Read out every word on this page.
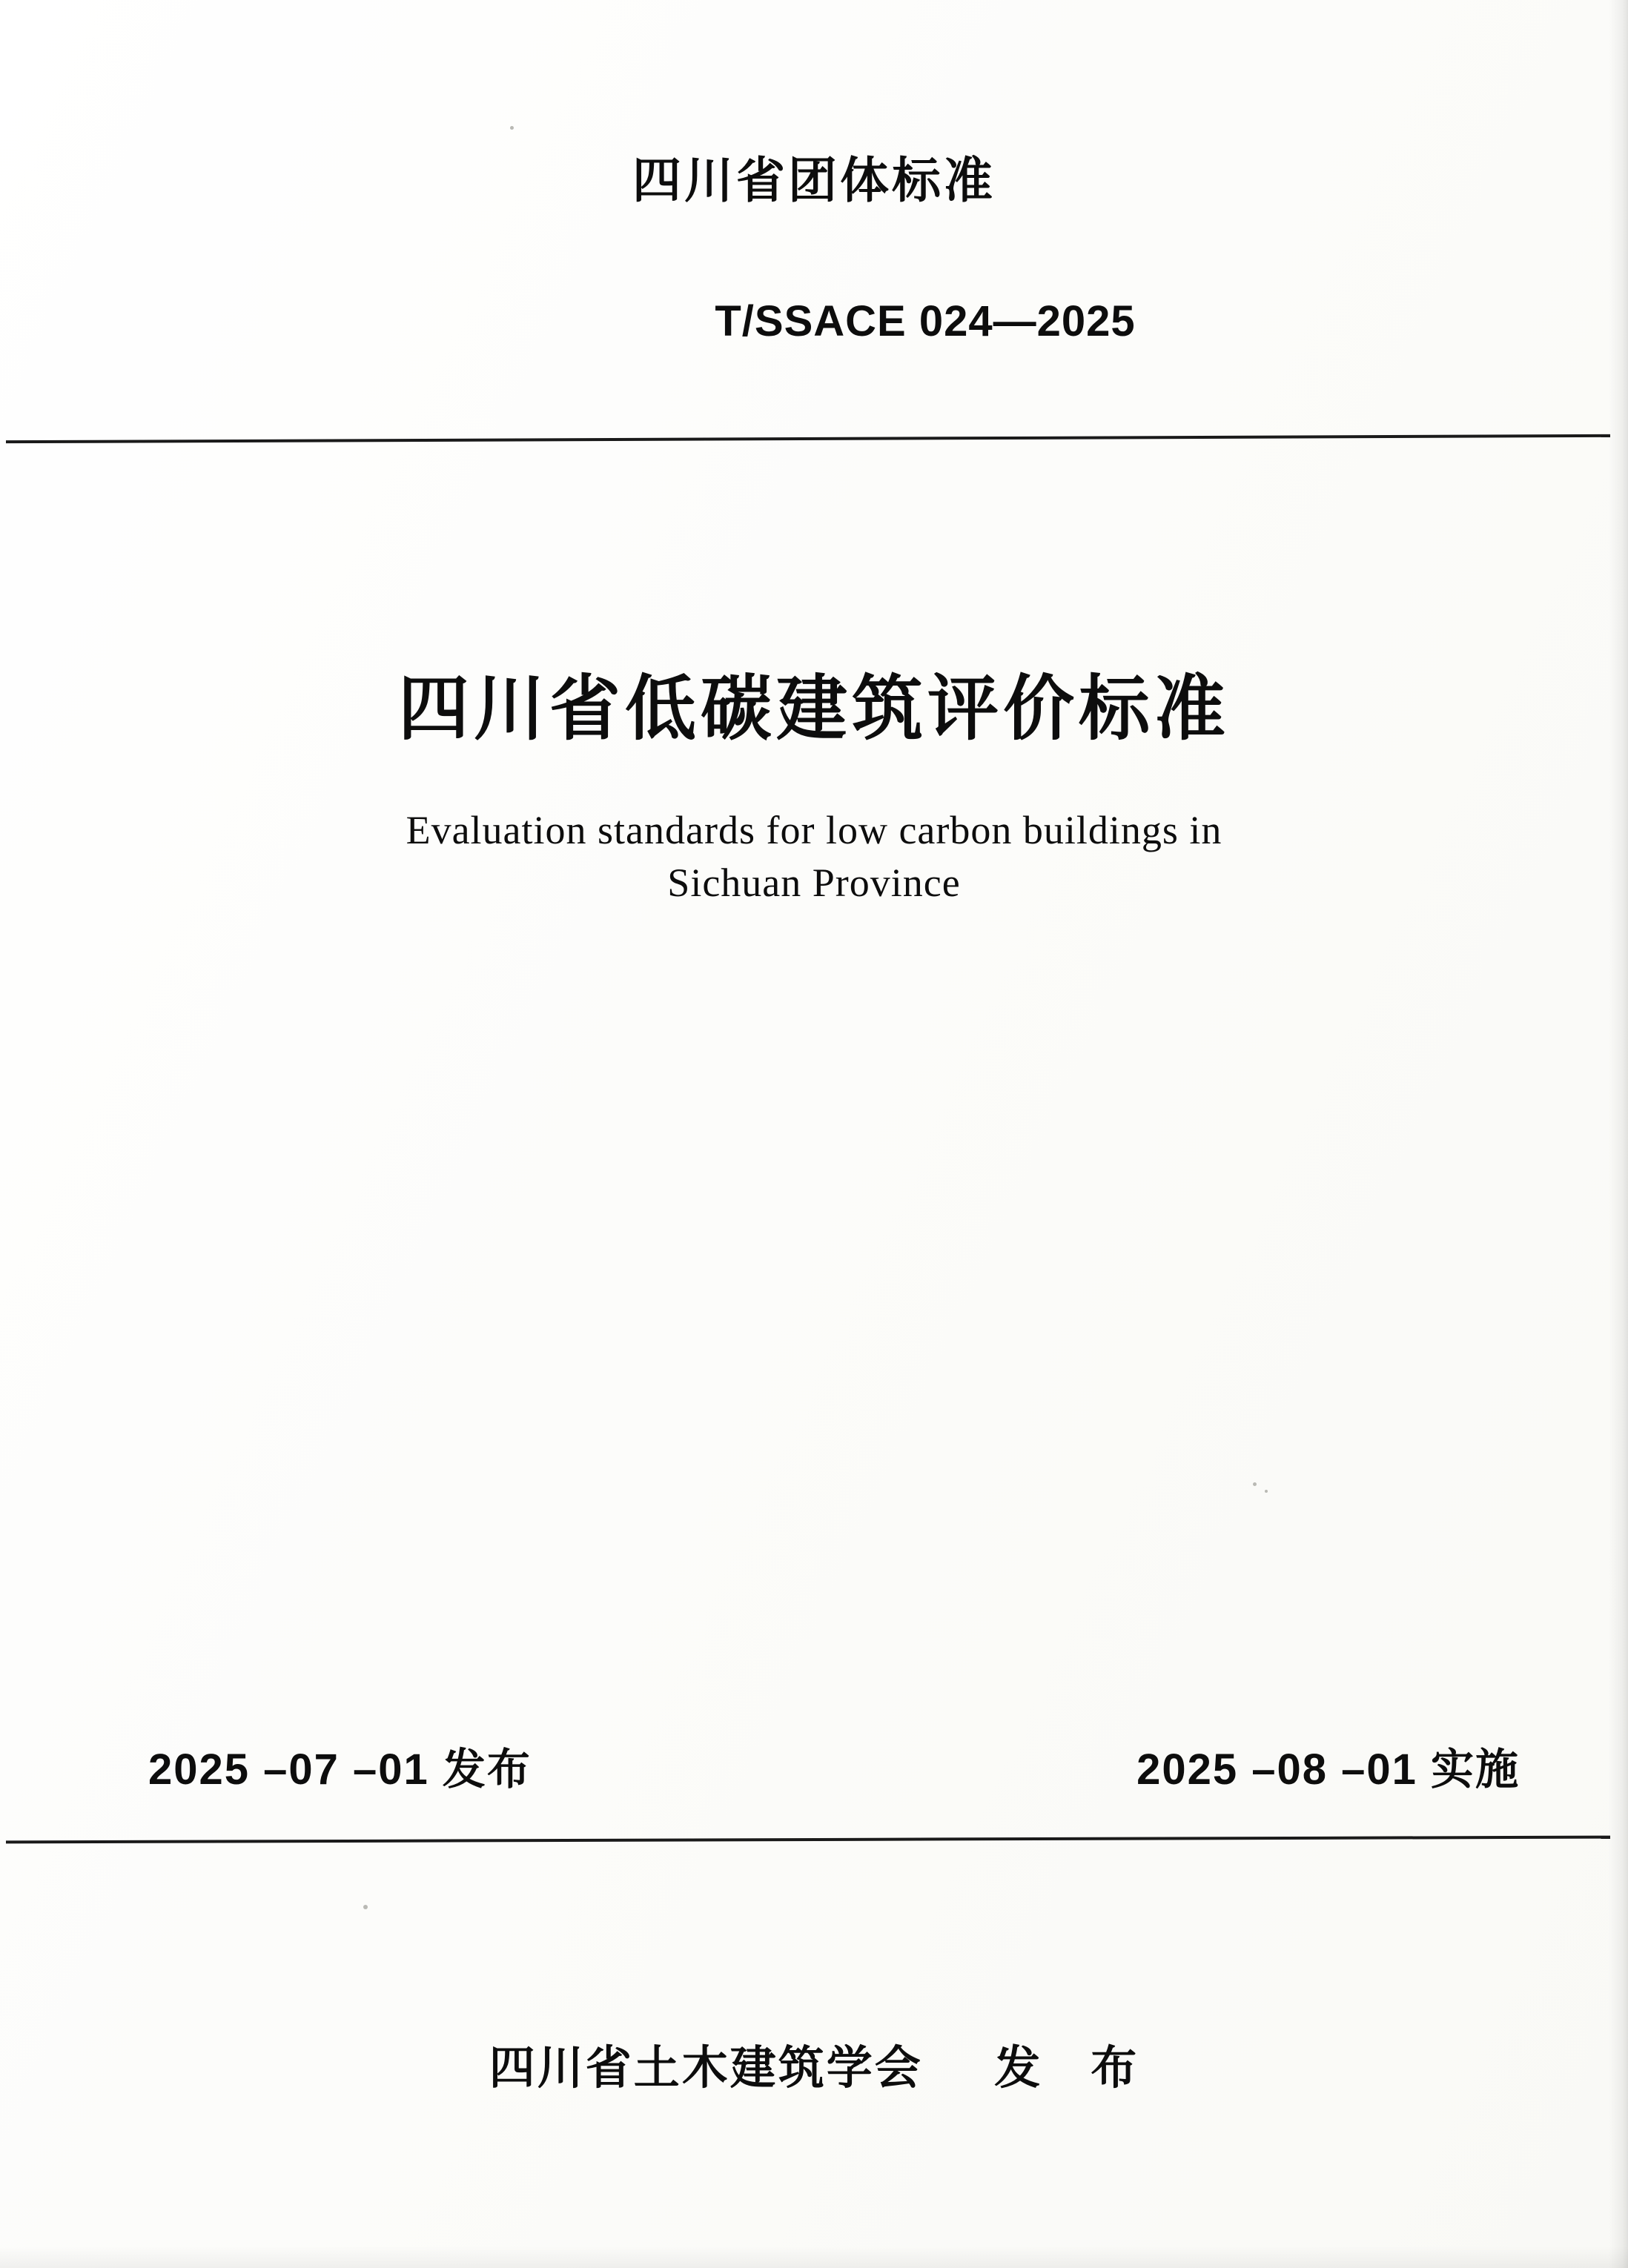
四川省团体标准
T/SSACE 024—2025
四川省低碳建筑评价标准
Evaluation standards for low carbon buildings in
Sichuan Province
2025 –07 –01 发布	2025 –08 –01 实施
四川省土木建筑学会 发　布
